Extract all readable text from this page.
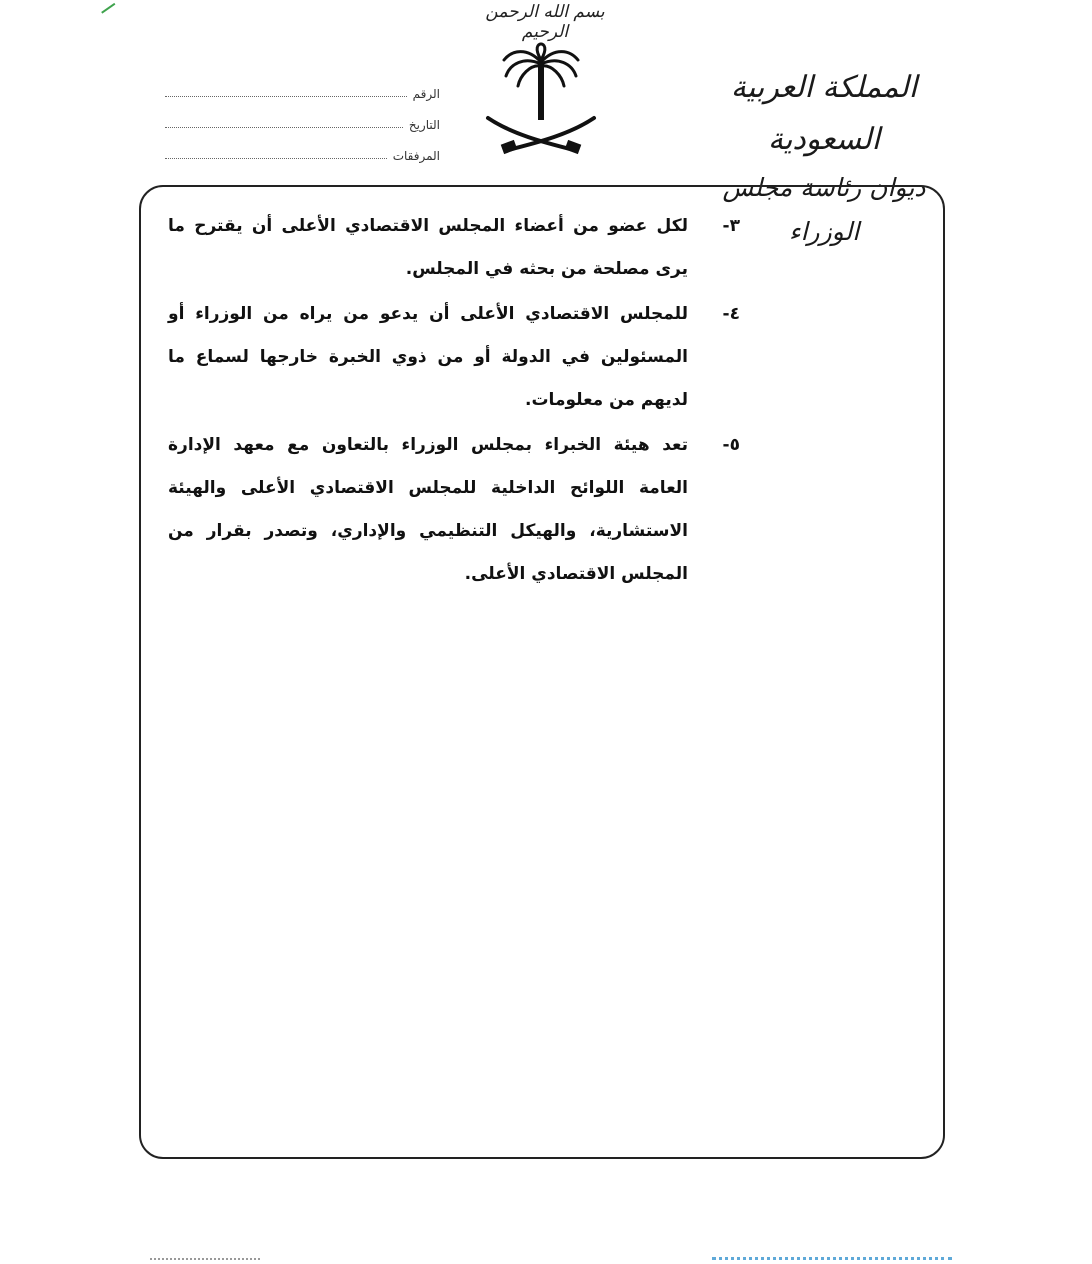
بسم الله الرحمن الرحيم
الرقم
التاريخ
المرفقات
المملكة العربية السعودية
ديوان رئاسة مجلس الوزراء
٣-
لكل عضو من أعضاء المجلس الاقتصادي الأعلى أن يقترح ما يرى مصلحة من بحثه في المجلس.
٤-
للمجلس الاقتصادي الأعلى أن يدعو من يراه من الوزراء أو المسئولين في الدولة أو من ذوي الخبرة خارجها لسماع ما لديهم من معلومات.
٥-
تعد هيئة الخبراء بمجلس الوزراء بالتعاون مع معهد الإدارة العامة اللوائح الداخلية للمجلس الاقتصادي الأعلى والهيئة الاستشارية، والهيكل التنظيمي والإداري، وتصدر بقرار من المجلس الاقتصادي الأعلى.
